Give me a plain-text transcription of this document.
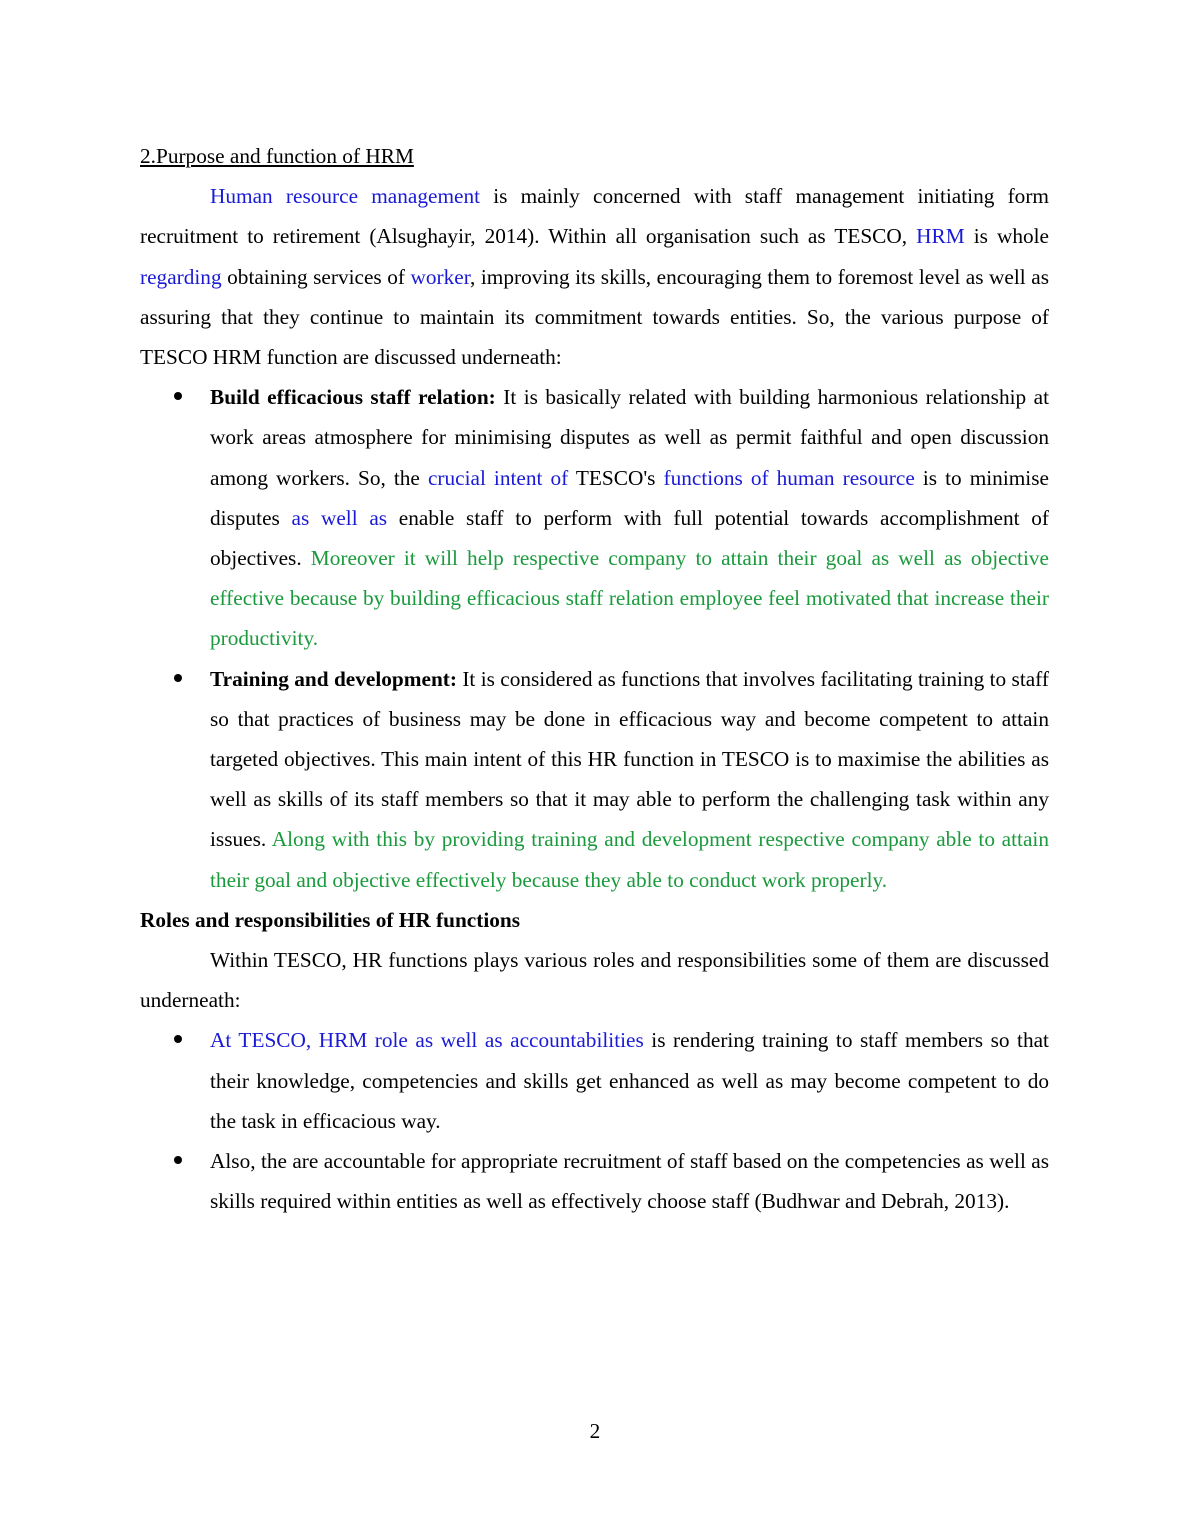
2.Purpose and function of HRM

Human resource management is mainly concerned with staff management initiating form recruitment to retirement (Alsughayir, 2014). Within all organisation such as TESCO, HRM is whole regarding obtaining services of worker, improving its skills, encouraging them to foremost level as well as assuring that they continue to maintain its commitment towards entities. So, the various purpose of TESCO HRM function are discussed underneath:

Build efficacious staff relation: It is basically related with building harmonious relationship at work areas atmosphere for minimising disputes as well as permit faithful and open discussion among workers. So, the crucial intent of TESCO's functions of human resource is to minimise disputes as well as enable staff to perform with full potential towards accomplishment of objectives. Moreover it will help respective company to attain their goal as well as objective effective because by building efficacious staff relation employee feel motivated that increase their productivity.
Training and development: It is considered as functions that involves facilitating training to staff so that practices of business may be done in efficacious way and become competent to attain targeted objectives. This main intent of this HR function in TESCO is to maximise the abilities as well as skills of its staff members so that it may able to perform the challenging task within any issues. Along with this by providing training and development respective company able to attain their goal and objective effectively because they able to conduct work properly.

Roles and responsibilities of HR functions

Within TESCO, HR functions plays various roles and responsibilities some of them are discussed underneath:

At TESCO, HRM role as well as accountabilities is rendering training to staff members so that their knowledge, competencies and skills get enhanced as well as may become competent to do the task in efficacious way.
Also, the are accountable for appropriate recruitment of staff based on the competencies as well as skills required within entities as well as effectively choose staff (Budhwar and Debrah, 2013).
2
